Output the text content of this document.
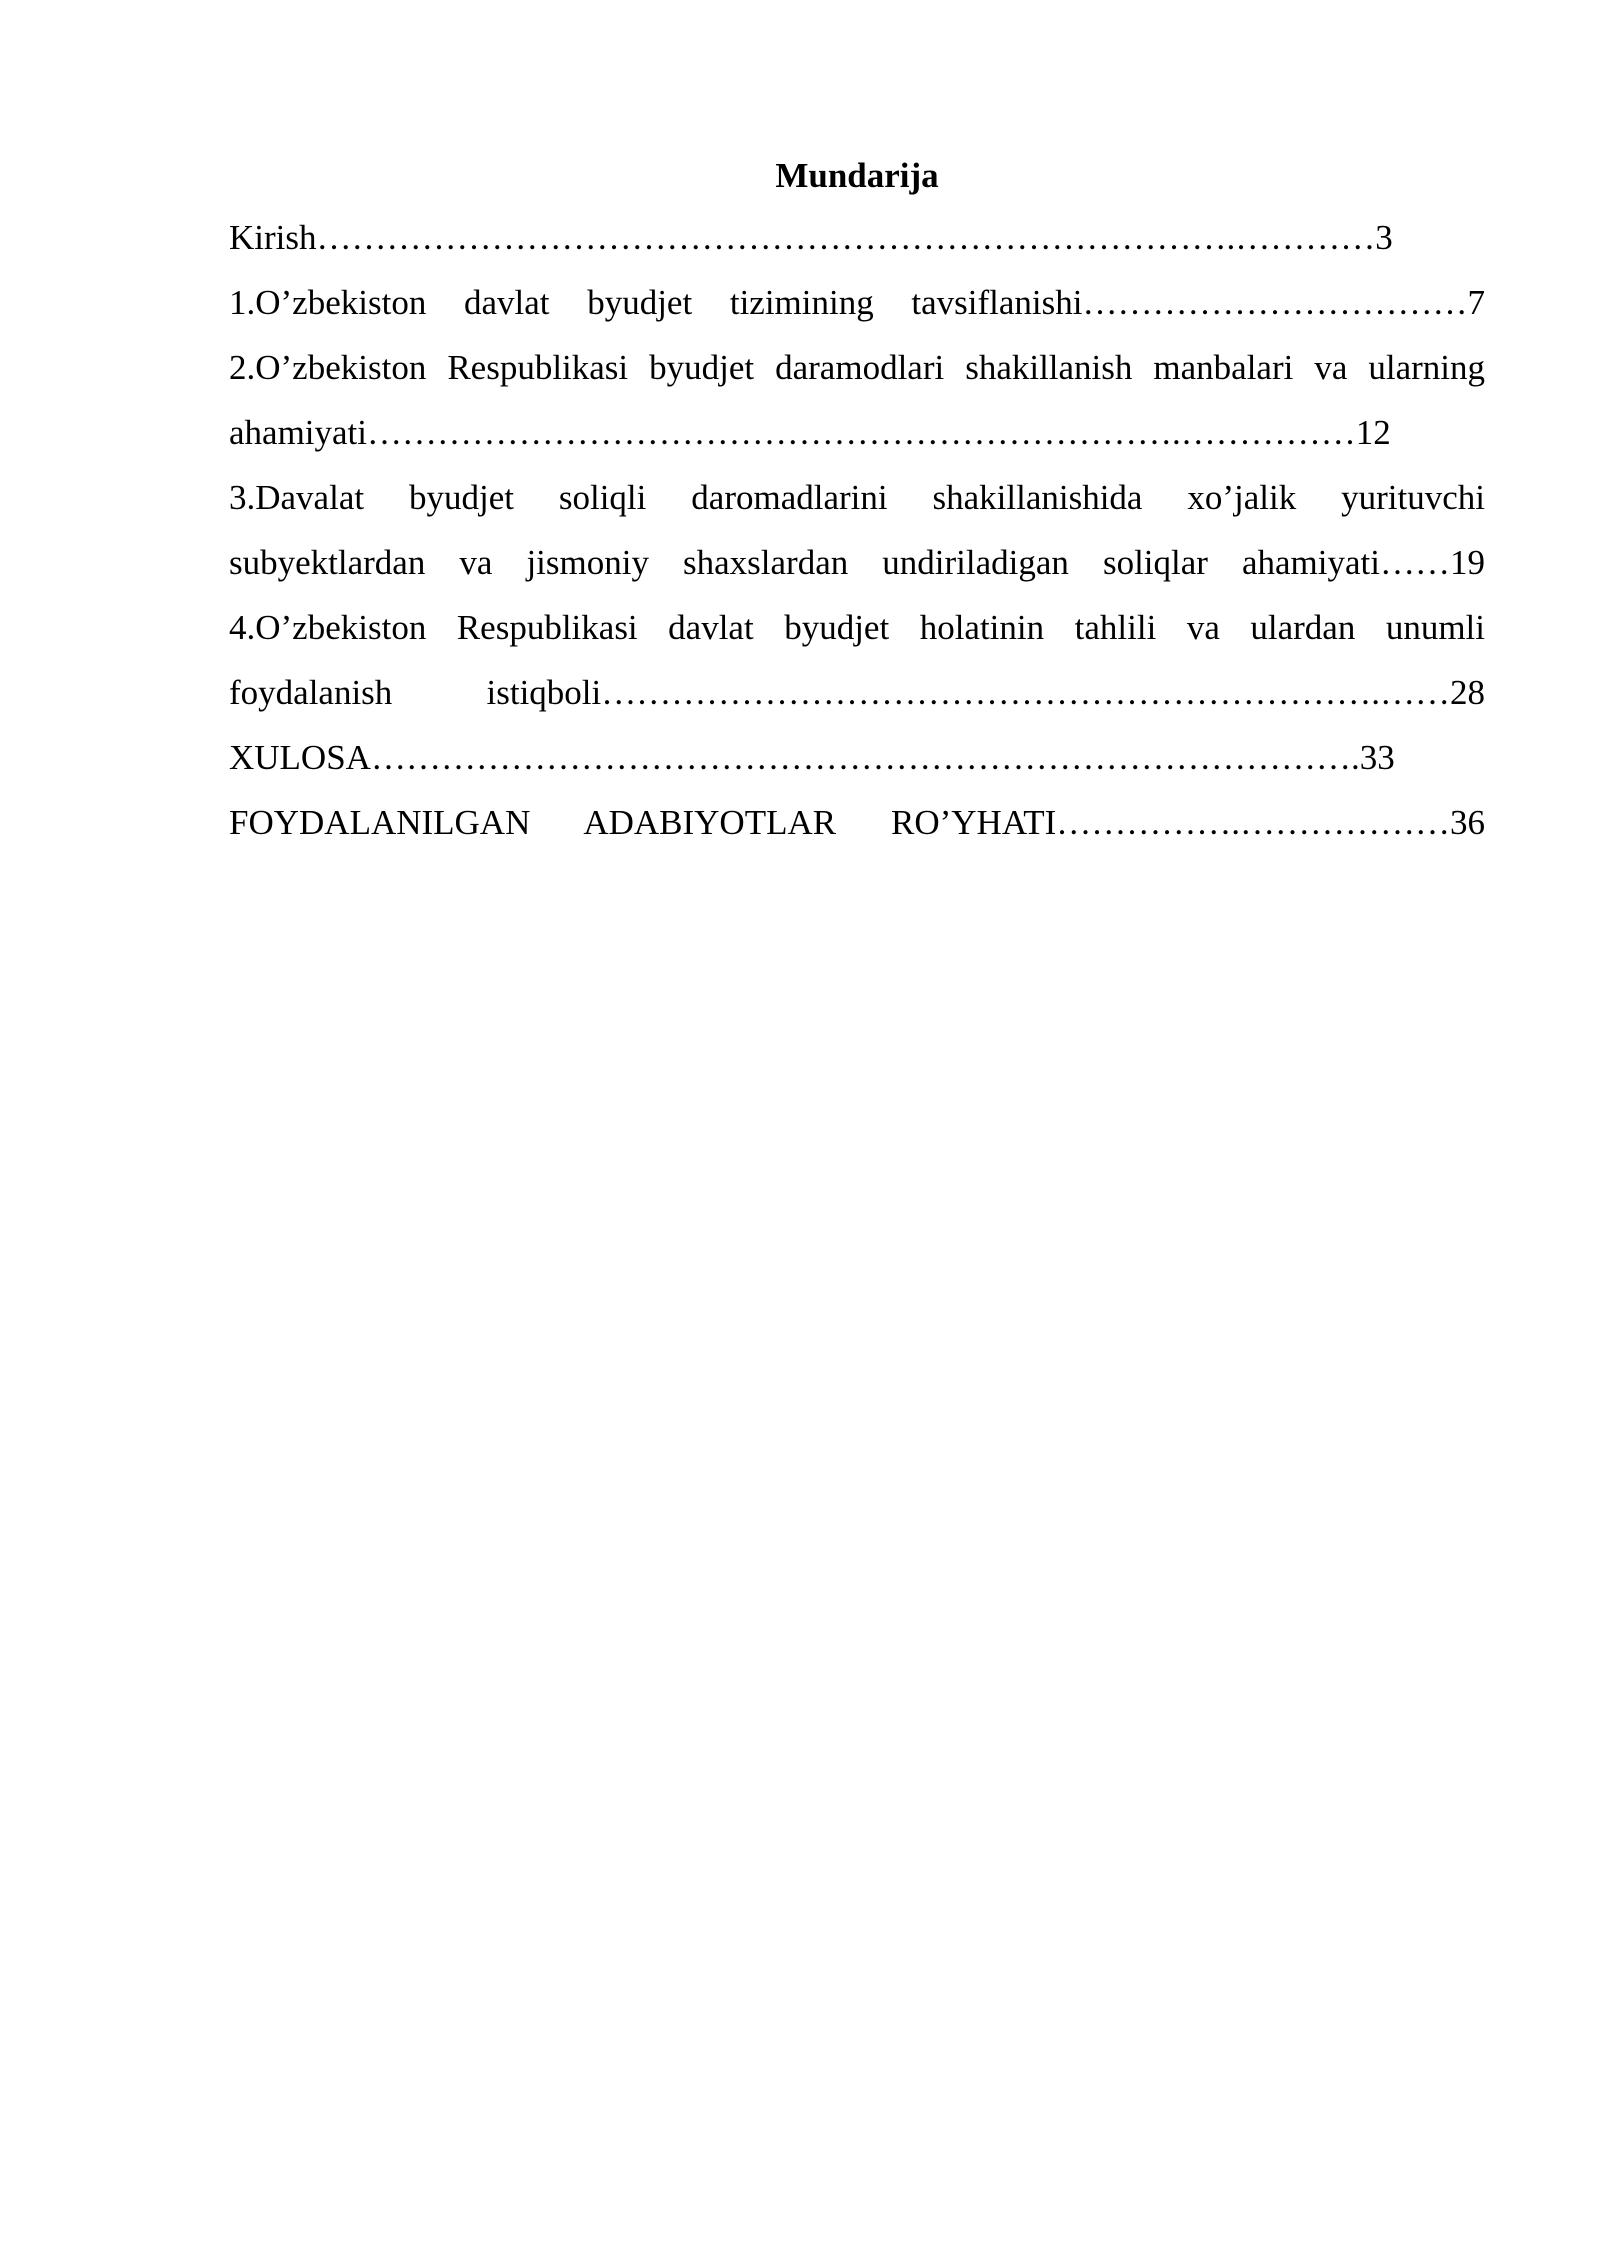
Mundarija

Kirish…………………………………………………………………….…………3

1.O’zbekiston davlat byudjet tizimining tavsiflanishi……………………………7

2.O’zbekiston Respublikasi byudjet daramodlari shakillanish manbalari va ularning

ahamiyati…………………………………………………………….……………12

3.Davalat byudjet soliqli daromadlarini shakillanishida xo’jalik yurituvchi

subyektlardan va jismoniy shaxslardan undiriladigan soliqlar ahamiyati……19

4.O’zbekiston Respublikasi davlat byudjet holatinin tahlili va ulardan unumli

foydalanish istiqboli………………………………………………………….……28

XULOSA………………………………………………………………………….33

FOYDALANILGAN ADABIYOTLAR RO’YHATI…………….………………36
